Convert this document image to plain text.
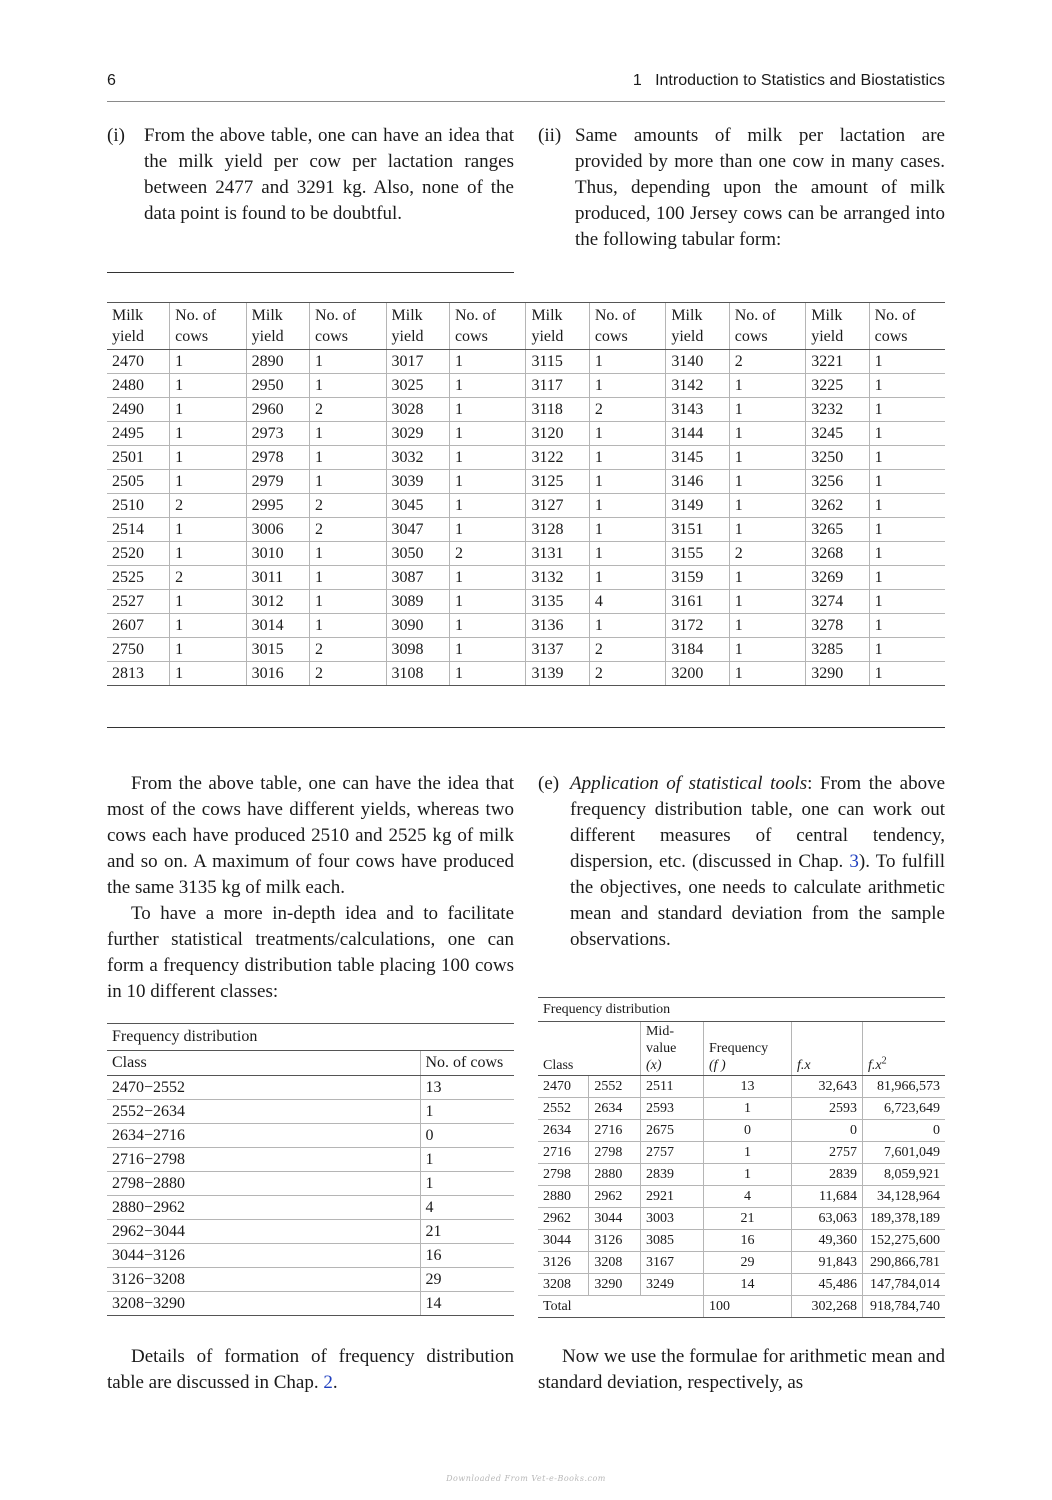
6	1   Introduction to Statistics and Biostatistics
(i)	From the above table, one can have an idea that the milk yield per cow per lactation ranges between 2477 and 3291 kg. Also, none of the data point is found to be doubtful.
(ii) Same amounts of milk per lactation are provided by more than one cow in many cases. Thus, depending upon the amount of milk produced, 100 Jersey cows can be arranged into the following tabular form:
Milk
yield	No. of
cows	Milk
yield	No. of
cows	Milk
yield	No. of
cows	Milk
yield	No. of
cows	Milk
yield	No. of
cows	Milk
yield	No. of
cows
2470	1	2890	1	3017	1	3115	1	3140	2	3221	1
2480	1	2950	1	3025	1	3117	1	3142	1	3225	1
2490	1	2960	2	3028	1	3118	2	3143	1	3232	1
2495	1	2973	1	3029	1	3120	1	3144	1	3245	1
2501	1	2978	1	3032	1	3122	1	3145	1	3250	1
2505	1	2979	1	3039	1	3125	1	3146	1	3256	1
2510	2	2995	2	3045	1	3127	1	3149	1	3262	1
2514	1	3006	2	3047	1	3128	1	3151	1	3265	1
2520	1	3010	1	3050	2	3131	1	3155	2	3268	1
2525	2	3011	1	3087	1	3132	1	3159	1	3269	1
2527	1	3012	1	3089	1	3135	4	3161	1	3274	1
2607	1	3014	1	3090	1	3136	1	3172	1	3278	1
2750	1	3015	2	3098	1	3137	2	3184	1	3285	1
2813	1	3016	2	3108	1	3139	2	3200	1	3290	1

From the above table, one can have the idea that most of the cows have different yields, whereas two cows each have produced 2510 and 2525 kg of milk and so on. A maximum of four cows have produced the same 3135 kg of milk each.

To have a more in-depth idea and to facilitate further statistical treatments/calculations, one can form a frequency distribution table placing 100 cows in 10 different classes:

(e) Application of statistical tools: From the above frequency distribution table, one can work out different measures of central tendency, dispersion, etc. (discussed in Chap. 3). To fulfill the objectives, one needs to calculate arithmetic mean and standard deviation from the sample observations.
Frequency distribution	
Class	No. of cows
2470−2552	13
2552−2634	1
2634−2716	0
2716−2798	1
2798−2880	1
2880−2962	4
2962−3044	21
3044−3126	16
3126−3208	29
3208−3290	14
Frequency distribution					
Class		Mid-
value
(x)	Frequency
(f )	f.x	$f.x^2$
2470	2552	2511	13	32,643	81,966,573
2552	2634	2593	1	2593	6,723,649
2634	2716	2675	0	0	0
2716	2798	2757	1	2757	7,601,049
2798	2880	2839	1	2839	8,059,921
2880	2962	2921	4	11,684	34,128,964
2962	3044	3003	21	63,063	189,378,189
3044	3126	3085	16	49,360	152,275,600
3126	3208	3167	29	91,843	290,866,781
3208	3290	3249	14	45,486	147,784,014
Total			100	302,268	918,784,740

Details of formation of frequency distribution table are discussed in Chap. 2.

Now we use the formulae for arithmetic mean and standard deviation, respectively, as

Downloaded From Vet-e-Books.com
